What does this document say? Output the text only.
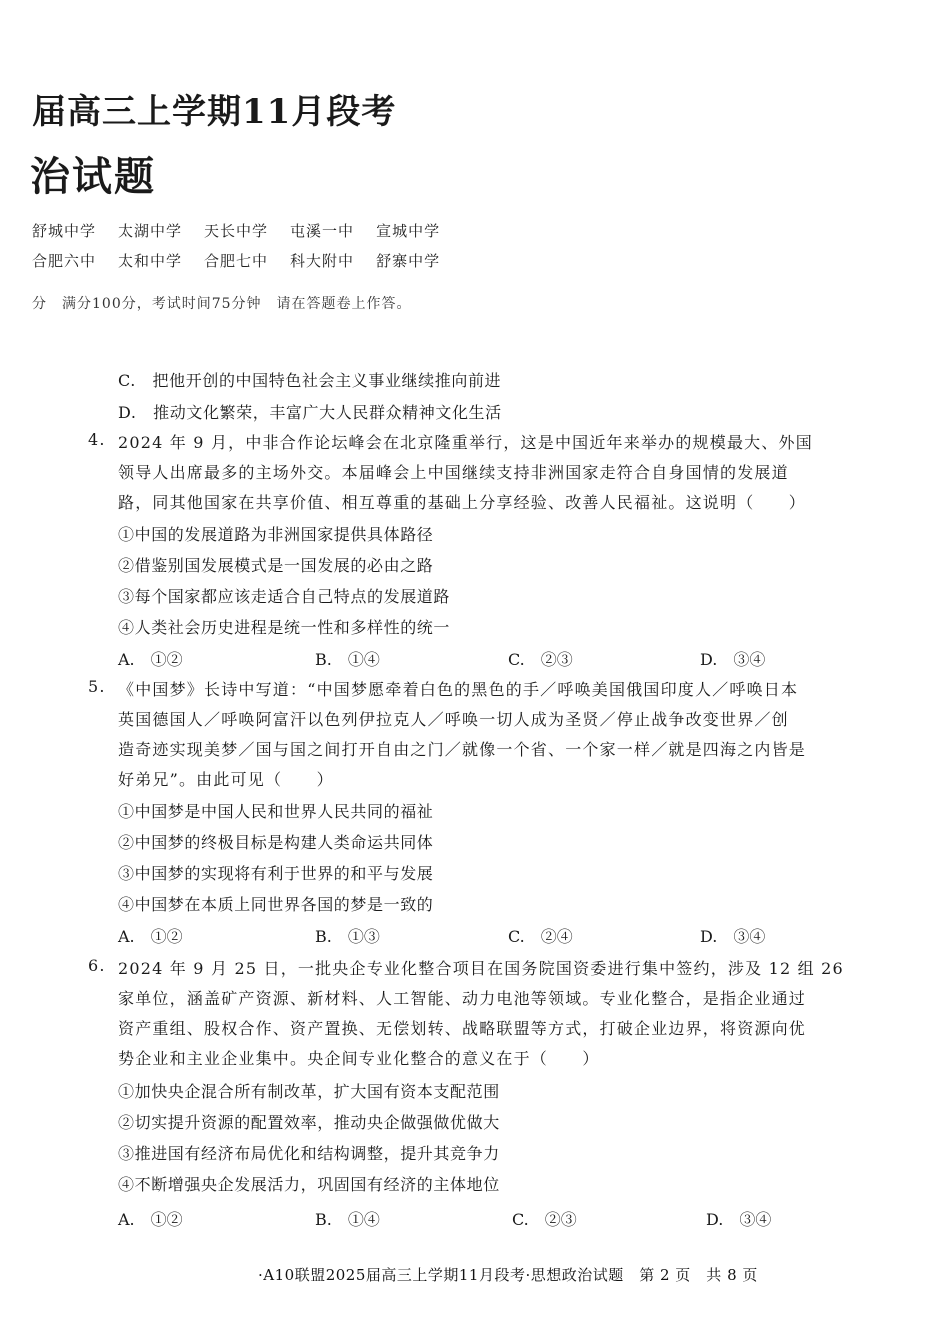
届高三上学期11月段考
治试题
舒城中学 太湖中学 天长中学 屯溪一中 宣城中学
合肥六中 太和中学 合肥七中 科大附中 舒寨中学
分　满分100分，考试时间75分钟　请在答题卷上作答。
C.　把他开创的中国特色社会主义事业继续推向前进
D.　推动文化繁荣，丰富广大人民群众精神文化生活
4. 2024 年 9 月，中非合作论坛峰会在北京隆重举行，这是中国近年来举办的规模最大、外国
领导人出席最多的主场外交。本届峰会上中国继续支持非洲国家走符合自身国情的发展道
路，同其他国家在共享价值、相互尊重的基础上分享经验、改善人民福祉。这说明（　　）
①中国的发展道路为非洲国家提供具体路径
②借鉴别国发展模式是一国发展的必由之路
③每个国家都应该走适合自己特点的发展道路
④人类社会历史进程是统一性和多样性的统一
A.　①②	B.　①④	C.　②③	D.　③④
5. 《中国梦》长诗中写道：“中国梦愿牵着白色的黑色的手／呼唤美国俄国印度人／呼唤日本
英国德国人／呼唤阿富汗以色列伊拉克人／呼唤一切人成为圣贤／停止战争改变世界／创
造奇迹实现美梦／国与国之间打开自由之门／就像一个省、一个家一样／就是四海之内皆是
好弟兄”。由此可见（　　）
①中国梦是中国人民和世界人民共同的福祉
②中国梦的终极目标是构建人类命运共同体
③中国梦的实现将有利于世界的和平与发展
④中国梦在本质上同世界各国的梦是一致的
A.　①②	B.　①③	C.　②④	D.　③④
6. 2024 年 9 月 25 日，一批央企专业化整合项目在国务院国资委进行集中签约，涉及 12 组 26
家单位，涵盖矿产资源、新材料、人工智能、动力电池等领域。专业化整合，是指企业通过
资产重组、股权合作、资产置换、无偿划转、战略联盟等方式，打破企业边界，将资源向优
势企业和主业企业集中。央企间专业化整合的意义在于（　　）
①加快央企混合所有制改革，扩大国有资本支配范围
②切实提升资源的配置效率，推动央企做强做优做大
③推进国有经济布局优化和结构调整，提升其竞争力
④不断增强央企发展活力，巩固国有经济的主体地位
A.　①②	B.　①④	C.　②③	D.　③④
·A10联盟2025届高三上学期11月段考·思想政治试题　第 2 页　共 8 页
